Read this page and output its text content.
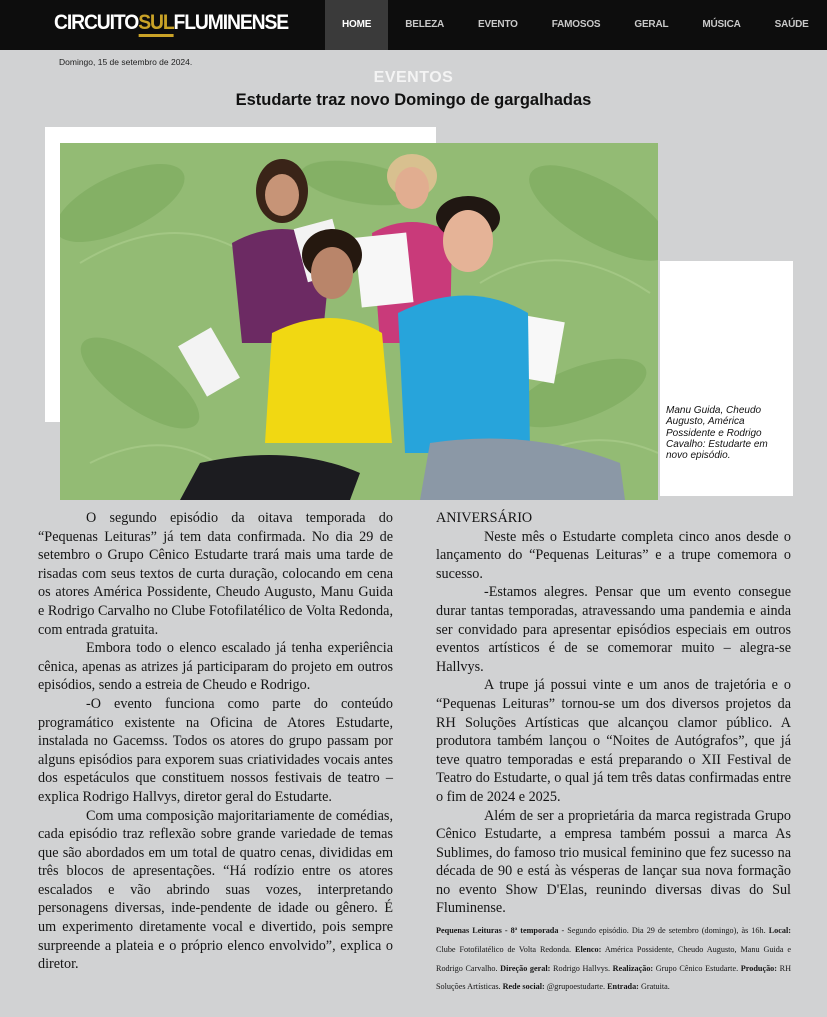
CIRCUITOSULFLUMINENSE	HOME	BELEZA	EVENTO	FAMOSOS	GERAL	MÚSICA	SAÚDE
Domingo, 15 de setembro de 2024.
EVENTOS
Estudarte traz novo Domingo de gargalhadas
Manu Guida, Cheudo Augusto, América Possidente e Rodrigo Cavalho: Estudarte em novo episódio.

O segundo episódio da oitava temporada do “Pequenas Leituras” já tem data confirmada. No dia 29 de setembro o Grupo Cênico Estudarte trará mais uma tarde de risadas com seus textos de curta duração, colocando em cena os atores América Possidente, Cheudo Augusto, Manu Guida e Rodrigo Carvalho no Clube Fotofilatélico de Volta Redonda, com entrada gratuita.

Embora todo o elenco escalado já tenha experiência cênica, apenas as atrizes já participaram do projeto em outros episódios, sendo a estreia de Cheudo e Rodrigo.

-O evento funciona como parte do conteúdo programático existente na Oficina de Atores Estudarte, instalada no Gacemss. Todos os atores do grupo passam por alguns episódios para exporem suas criatividades vocais antes dos espetáculos que constituem nossos festivais de teatro – explica Rodrigo Hallvys, diretor geral do Estudarte.

Com uma composição majoritariamente de comédias, cada episódio traz reflexão sobre grande variedade de temas que são abordados em um total de quatro cenas, divididas em três blocos de apresentações. “Há rodízio entre os atores escalados e vão abrindo suas vozes, interpretando personagens diversas, inde-pendente de idade ou gênero. É um experimento diretamente vocal e divertido, pois sempre surpreende a plateia e o próprio elenco envolvido”, explica o diretor.

ANIVERSÁRIO

Neste mês o Estudarte completa cinco anos desde o lançamento do “Pequenas Leituras” e a trupe comemora o sucesso.

-Estamos alegres. Pensar que um evento consegue durar tantas temporadas, atravessando uma pandemia e ainda ser convidado para apresentar episódios especiais em outros eventos artísticos é de se comemorar muito – alegra-se Hallvys.

A trupe já possui vinte e um anos de trajetória e o “Pequenas Leituras” tornou-se um dos diversos projetos da RH Soluções Artísticas que alcançou clamor público. A produtora também lançou o “Noites de Autógrafos”, que já teve quatro temporadas e está preparando o XII Festival de Teatro do Estudarte, o qual já tem três datas confirmadas entre o fim de 2024 e 2025.

Além de ser a proprietária da marca registrada Grupo Cênico Estudarte, a empresa também possui a marca As Sublimes, do famoso trio musical feminino que fez sucesso na década de 90 e está às vésperas de lançar sua nova formação no evento Show D'Elas, reunindo diversas divas do Sul Fluminense.

Pequenas Leituras - 8ª temporada - Segundo episódio. Dia 29 de setembro (domingo), às 16h. Local: Clube Fotofilatélico de Volta Redonda. Elenco: América Possidente, Cheudo Augusto, Manu Guida e Rodrigo Carvalho. Direção geral: Rodrigo Hallvys. Realização: Grupo Cênico Estudarte. Produção: RH Soluções Artísticas. Rede social: @grupoestudarte. Entrada: Gratuita.
